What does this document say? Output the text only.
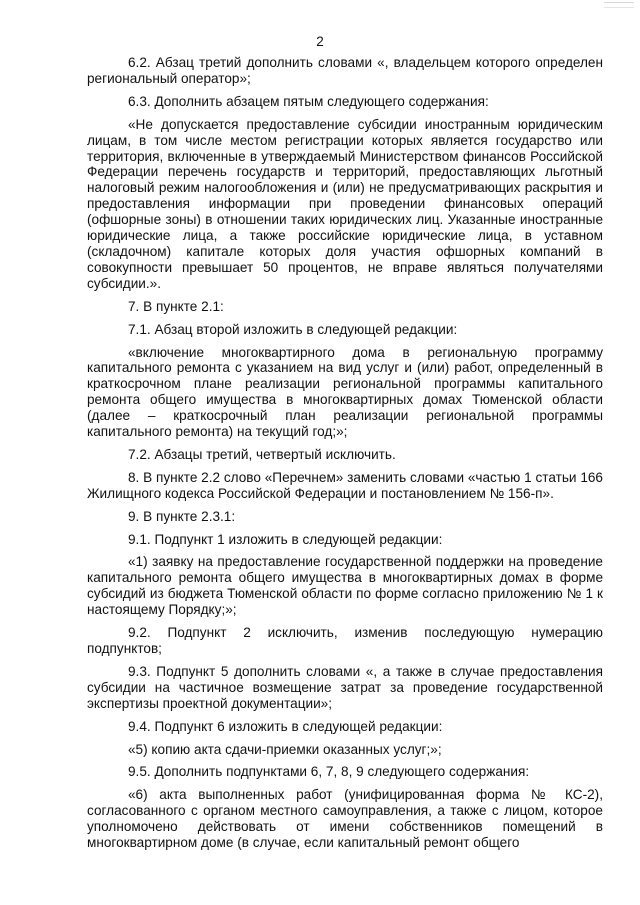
2

6.2. Абзац третий дополнить словами «, владельцем которого определен региональный оператор»;

6.3. Дополнить абзацем пятым следующего содержания:

«Не допускается предоставление субсидии иностранным юридическим лицам, в том числе местом регистрации которых является государство или территория, включенные в утверждаемый Министерством финансов Российской Федерации перечень государств и территорий, предоставляющих льготный налоговый режим налогообложения и (или) не предусматривающих раскрытия и предоставления информации при проведении финансовых операций (офшорные зоны) в отношении таких юридических лиц. Указанные иностранные юридические лица, а также российские юридические лица, в уставном (складочном) капитале которых доля участия офшорных компаний в совокупности превышает 50 процентов, не вправе являться получателями субсидии.».

7. В пункте 2.1:

7.1. Абзац второй изложить в следующей редакции:

«включение многоквартирного дома в региональную программу капитального ремонта с указанием на вид услуг и (или) работ, определенный в краткосрочном плане реализации региональной программы капитального ремонта общего имущества в многоквартирных домах Тюменской области (далее – краткосрочный план реализации региональной программы капитального ремонта) на текущий год;»;

7.2. Абзацы третий, четвертый исключить.

8. В пункте 2.2 слово «Перечнем» заменить словами «частью 1 статьи 166 Жилищного кодекса Российской Федерации и постановлением № 156-п».

9. В пункте 2.3.1:

9.1. Подпункт 1 изложить в следующей редакции:

«1) заявку на предоставление государственной поддержки на проведение капитального ремонта общего имущества в многоквартирных домах в форме субсидий из бюджета Тюменской области по форме согласно приложению № 1 к настоящему Порядку;»;

9.2. Подпункт 2 исключить, изменив последующую нумерацию подпунктов;

9.3. Подпункт 5 дополнить словами «, а также в случае предоставления субсидии на частичное возмещение затрат за проведение государственной экспертизы проектной документации»;

9.4. Подпункт 6 изложить в следующей редакции:

«5) копию акта сдачи-приемки оказанных услуг;»;

9.5. Дополнить подпунктами 6, 7, 8, 9 следующего содержания:

«6) акта выполненных работ (унифицированная форма № КС-2), согласованного с органом местного самоуправления, а также с лицом, которое уполномочено действовать от имени собственников помещений в многоквартирном доме (в случае, если капитальный ремонт общего
